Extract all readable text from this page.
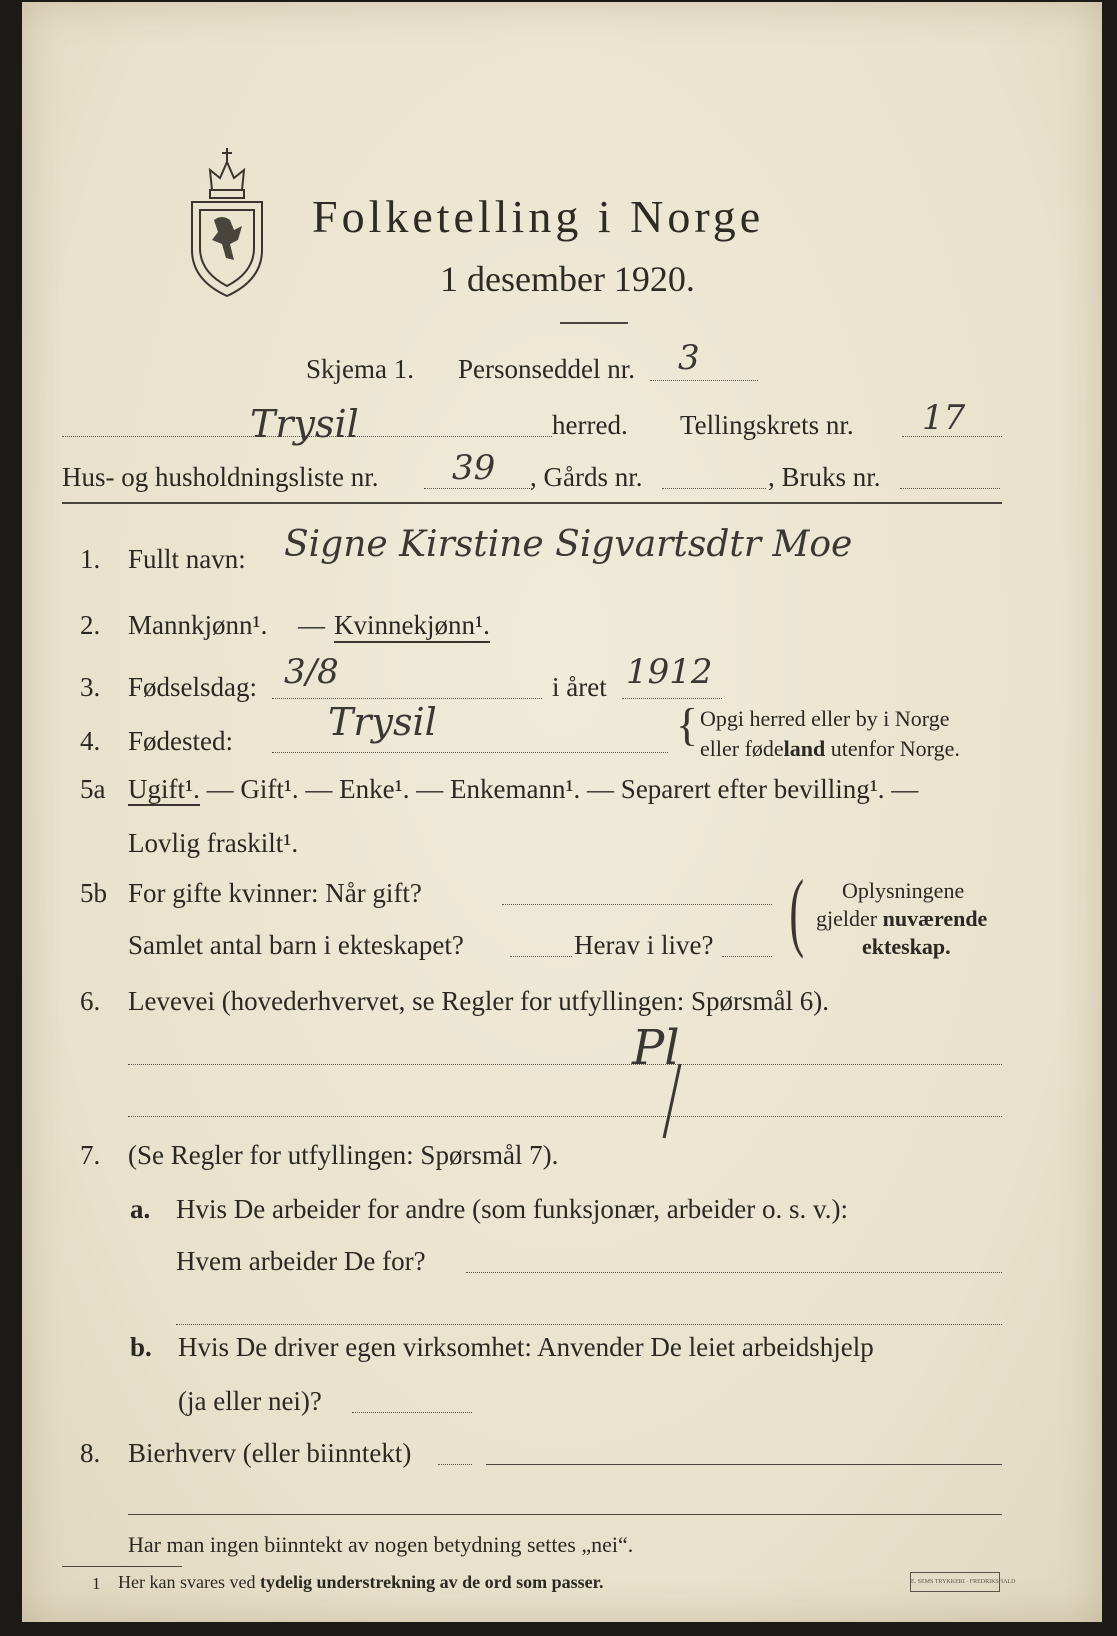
Folketelling i Norge
1 desember 1920.
Skjema 1. Personseddel nr. 3
Trysil	herred. Tellingskrets nr. 17
Hus- og husholdningsliste nr. 39 , Gårds nr.	, Bruks nr.
1. Fullt navn: Signe Kirstine Sigvartsdtr Moe
2. Mannkjønn¹. — Kvinnekjønn¹.
3. Fødselsdag: 3/8	i året 1912
4. Fødested:	Trysil	{ Opgi herred eller by i Norge
eller fødeland utenfor Norge.
5a Ugift¹. — Gift¹. — Enke¹. — Enkemann¹. — Separert efter bevilling¹. —
Lovlig fraskilt¹.
5b For gifte kvinner: Når gift?
Samlet antal barn i ekteskapet?	Herav i live? ( Oplysningene
gjelder nuværende
ekteskap.
6. Levevei (hovederhvervet, se Regler for utfyllingen: Spørsmål 6).
Pl
7. (Se Regler for utfyllingen: Spørsmål 7).
a. Hvis De arbeider for andre (som funksjonær, arbeider o. s. v.):
Hvem arbeider De for?
b. Hvis De driver egen virksomhet: Anvender De leiet arbeidshjelp
(ja eller nei)?
8. Bierhverv (eller biinntekt)
Har man ingen biinntekt av nogen betydning settes „nei“.
1 Her kan svares ved tydelig understrekning av de ord som passer.	E. SEMS TRYKKERI · FREDRIKSHALD
